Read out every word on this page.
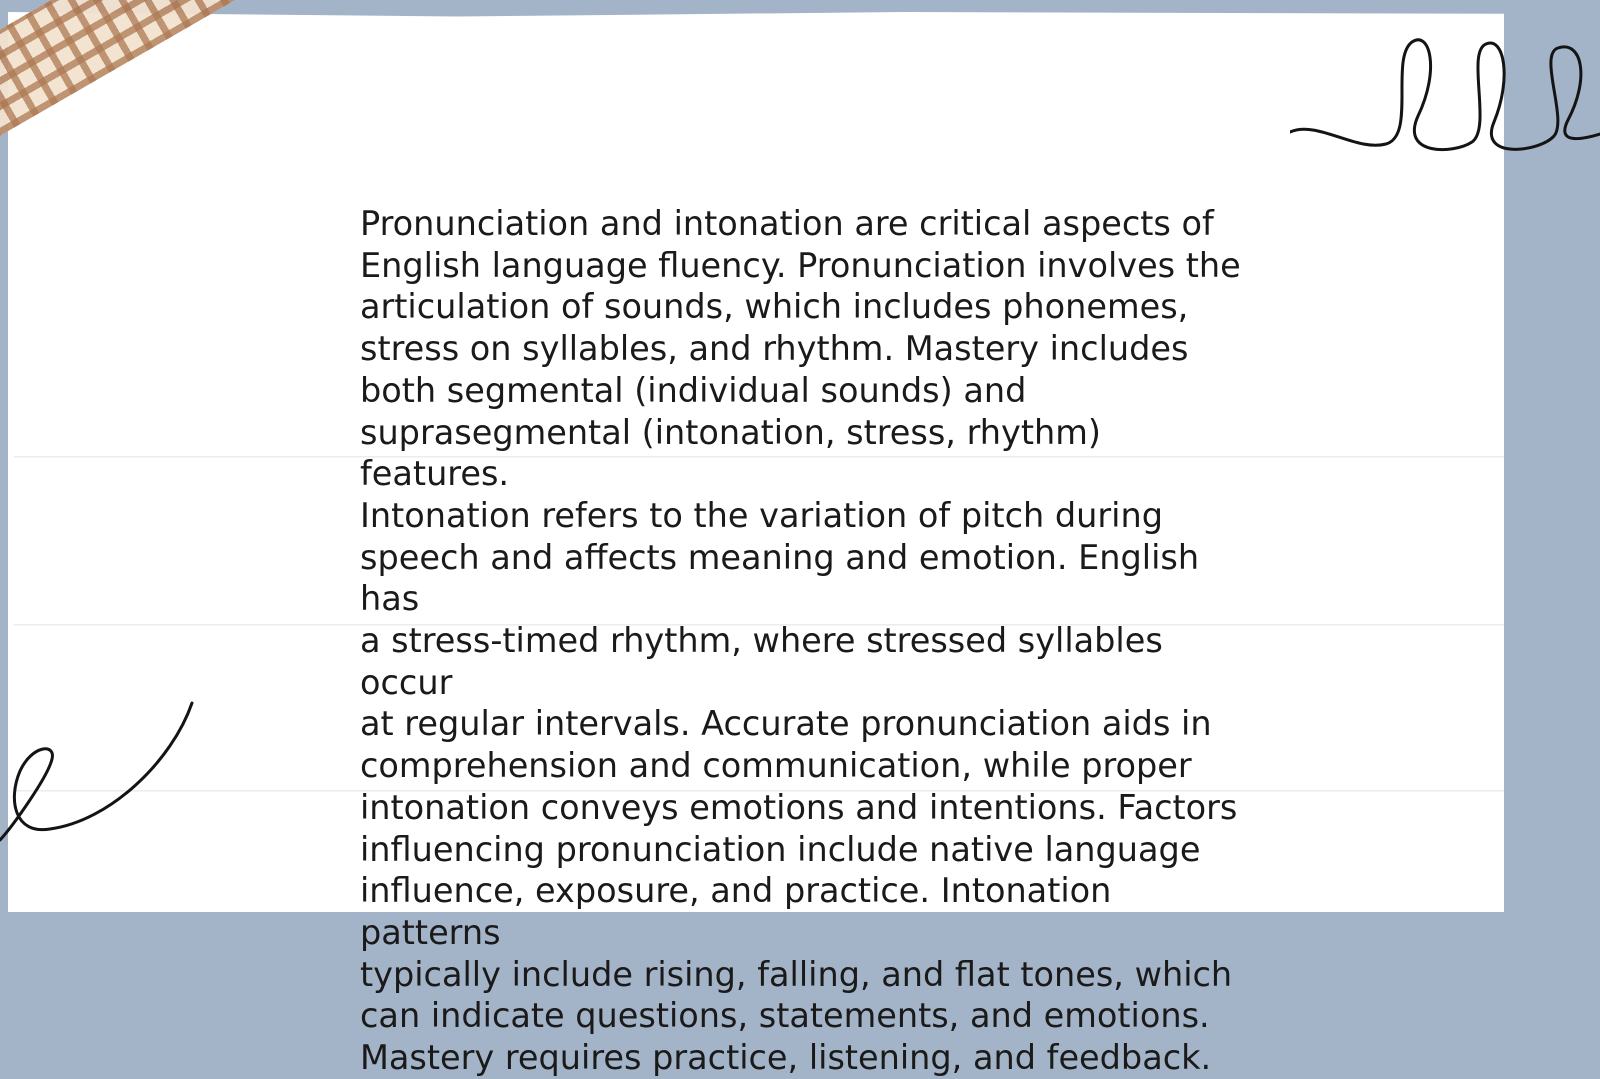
Pronunciation and intonation are critical aspects of
English language fluency. Pronunciation involves the
articulation of sounds, which includes phonemes,
stress on syllables, and rhythm. Mastery includes
both segmental (individual sounds) and
suprasegmental (intonation, stress, rhythm) features.
Intonation refers to the variation of pitch during
speech and affects meaning and emotion. English has
a stress-timed rhythm, where stressed syllables occur
at regular intervals. Accurate pronunciation aids in
comprehension and communication, while proper
intonation conveys emotions and intentions. Factors
influencing pronunciation include native language
influence, exposure, and practice. Intonation patterns
typically include rising, falling, and flat tones, which
can indicate questions, statements, and emotions.
Mastery requires practice, listening, and feedback.
